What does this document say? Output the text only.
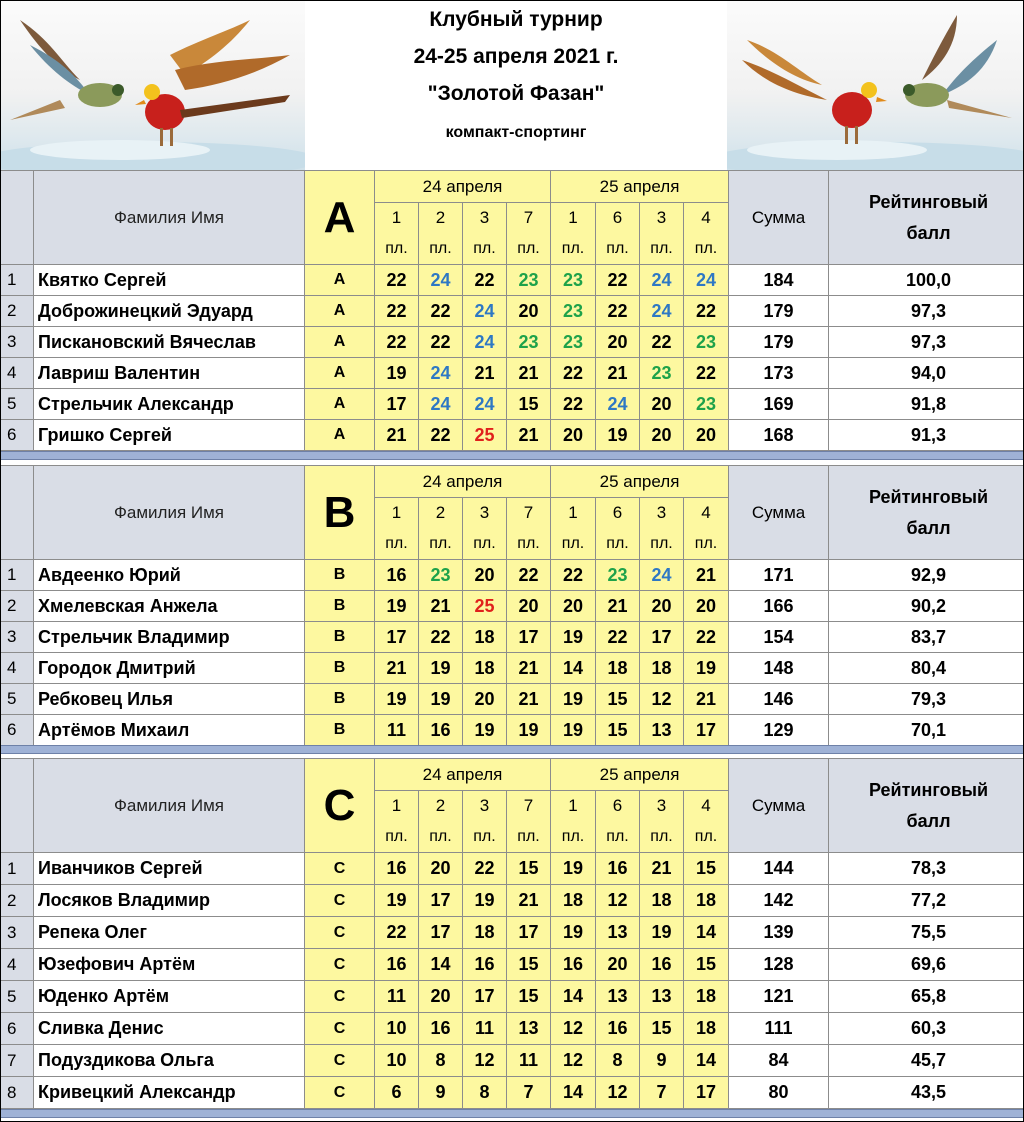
Клубный турнир
24-25 апреля 2021 г.
"Золотой Фазан"
компакт-спортинг
	Фамилия Имя	A	24 апреля				25 апреля				Сумма	Рейтинговый
балл

			1	2	3	7	1	6	3	4		
			пл.	пл.	пл.	пл.	пл.	пл.	пл.	пл.		
1	Квятко Сергей	A	22	24	22	23	23	22	24	24	184	100,0
2	Доброжинецкий Эдуард	A	22	22	24	20	23	22	24	22	179	97,3
3	Пискановский Вячеслав	A	22	22	24	23	23	20	22	23	179	97,3
4	Лавриш Валентин	A	19	24	21	21	22	21	23	22	173	94,0
5	Стрельчик Александр	A	17	24	24	15	22	24	20	23	169	91,8
6	Гришко Сергей	A	21	22	25	21	20	19	20	20	168	91,3
	Фамилия Имя	B	24 апреля				25 апреля				Сумма	Рейтинговый
балл

			1	2	3	7	1	6	3	4		
			пл.	пл.	пл.	пл.	пл.	пл.	пл.	пл.		
1	Авдеенко Юрий	B	16	23	20	22	22	23	24	21	171	92,9
2	Хмелевская Анжела	B	19	21	25	20	20	21	20	20	166	90,2
3	Стрельчик Владимир	B	17	22	18	17	19	22	17	22	154	83,7
4	Городок Дмитрий	B	21	19	18	21	14	18	18	19	148	80,4
5	Ребковец Илья	B	19	19	20	21	19	15	12	21	146	79,3
6	Артёмов Михаил	B	11	16	19	19	19	15	13	17	129	70,1
	Фамилия Имя	C	24 апреля				25 апреля				Сумма	Рейтинговый
балл

			1	2	3	7	1	6	3	4		
			пл.	пл.	пл.	пл.	пл.	пл.	пл.	пл.		
1	Иванчиков Сергей	C	16	20	22	15	19	16	21	15	144	78,3
2	Лосяков Владимир	C	19	17	19	21	18	12	18	18	142	77,2
3	Репека Олег	C	22	17	18	17	19	13	19	14	139	75,5
4	Юзефович Артём	C	16	14	16	15	16	20	16	15	128	69,6
5	Юденко Артём	C	11	20	17	15	14	13	13	18	121	65,8
6	Сливка Денис	C	10	16	11	13	12	16	15	18	111	60,3
7	Подуздикова Ольга	C	10	8	12	11	12	8	9	14	84	45,7
8	Кривецкий Александр	C	6	9	8	7	14	12	7	17	80	43,5
